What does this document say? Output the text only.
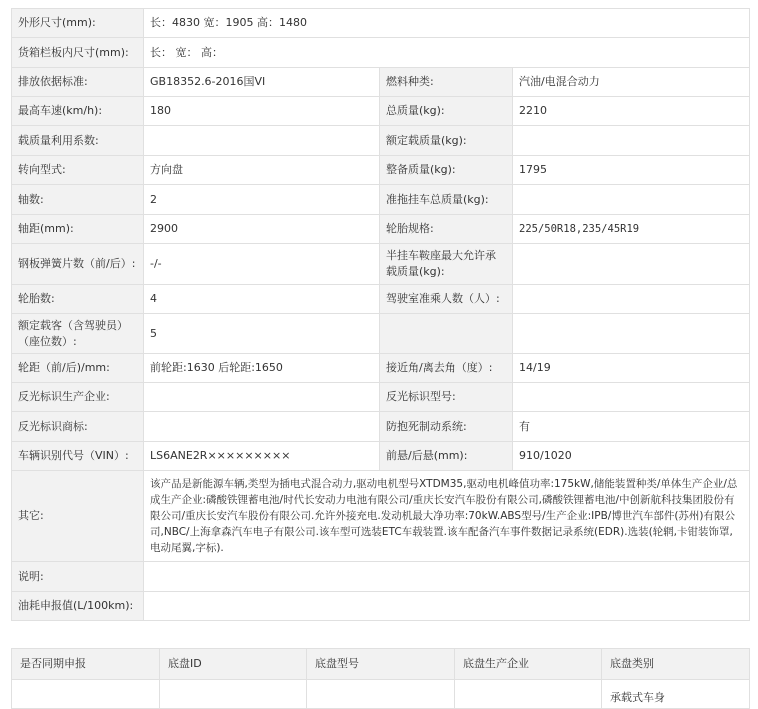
外形尺寸(mm):	长：4830 宽：1905 高：1480		
货箱栏板内尺寸(mm):	长： 宽： 高：		
排放依据标准:	GB18352.6-2016国VI	燃料种类:	汽油/电混合动力
最高车速(km/h):	180	总质量(kg):	2210
载质量利用系数:		额定载质量(kg):	
转向型式:	方向盘	整备质量(kg):	1795
轴数:	2	准拖挂车总质量(kg):	
轴距(mm):	2900	轮胎规格:	225/50R18,235/45R19
钢板弹簧片数（前/后）:	-/-	半挂车鞍座最大允许承载质量(kg):	
轮胎数:	4	驾驶室准乘人数（人）:	
额定载客（含驾驶员）（座位数）:	5		
轮距（前/后)/mm:	前轮距:1630 后轮距:1650	接近角/离去角（度）:	14/19
反光标识生产企业:		反光标识型号:	
反光标识商标:		防抱死制动系统:	有
车辆识别代号（VIN）:	LS6ANE2R×××××××××	前悬/后悬(mm):	910/1020
其它:	该产品是新能源车辆,类型为插电式混合动力,驱动电机型号XTDM35,驱动电机峰值功率:175kW,储能装置种类/单体生产企业/总成生产企业:磷酸铁锂蓄电池/时代长安动力电池有限公司/重庆长安汽车股份有限公司,磷酸铁锂蓄电池/中创新航科技集团股份有限公司/重庆长安汽车股份有限公司.允许外接充电.发动机最大净功率:70kW.ABS型号/生产企业:IPB/博世汽车部件(苏州)有限公司,NBC/上海拿森汽车电子有限公司.该车型可选装ETC车载装置.该车配备汽车事件数据记录系统(EDR).选装(轮辋,卡钳装饰罩,电动尾翼,字标).		
说明:			
油耗申报值(L/100km):			
是否同期申报	底盘ID	底盘型号	底盘生产企业	底盘类别
				承载式车身
